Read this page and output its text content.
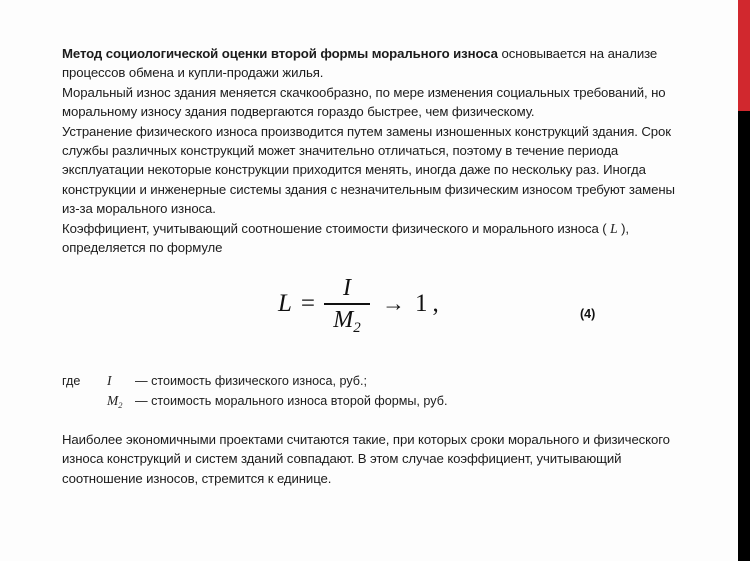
Метод социологической оценки второй формы морального износа основывается на анализе процессов обмена и купли-продажи жилья.

Моральный износ здания меняется скачкообразно, по мере изменения социальных требований, но моральному износу здания подвергаются гораздо быстрее, чем физическому.

Устранение физического износа производится путем замены изношенных конструкций здания. Срок службы различных конструкций может значительно отличаться, поэтому в течение периода эксплуатации некоторые конструкции приходится менять, иногда даже по нескольку раз. Иногда конструкции и инженерные системы здания с незначительным физическим износом требуют замены из-за морального износа.

Коэффициент, учитывающий соотношение стоимости физического и морального износа ( L ), определяется по формуле

$L = \frac{I}{M_2} \to 1$ ,	(4)
где	I	— стоимость физического износа, руб.;
$M_2$ — стоимость морального износа второй формы, руб.

Наиболее экономичными проектами считаются такие, при которых сроки морального и физического износа конструкций и систем зданий совпадают. В этом случае коэффициент, учитывающий соотношение износов, стремится к единице.
